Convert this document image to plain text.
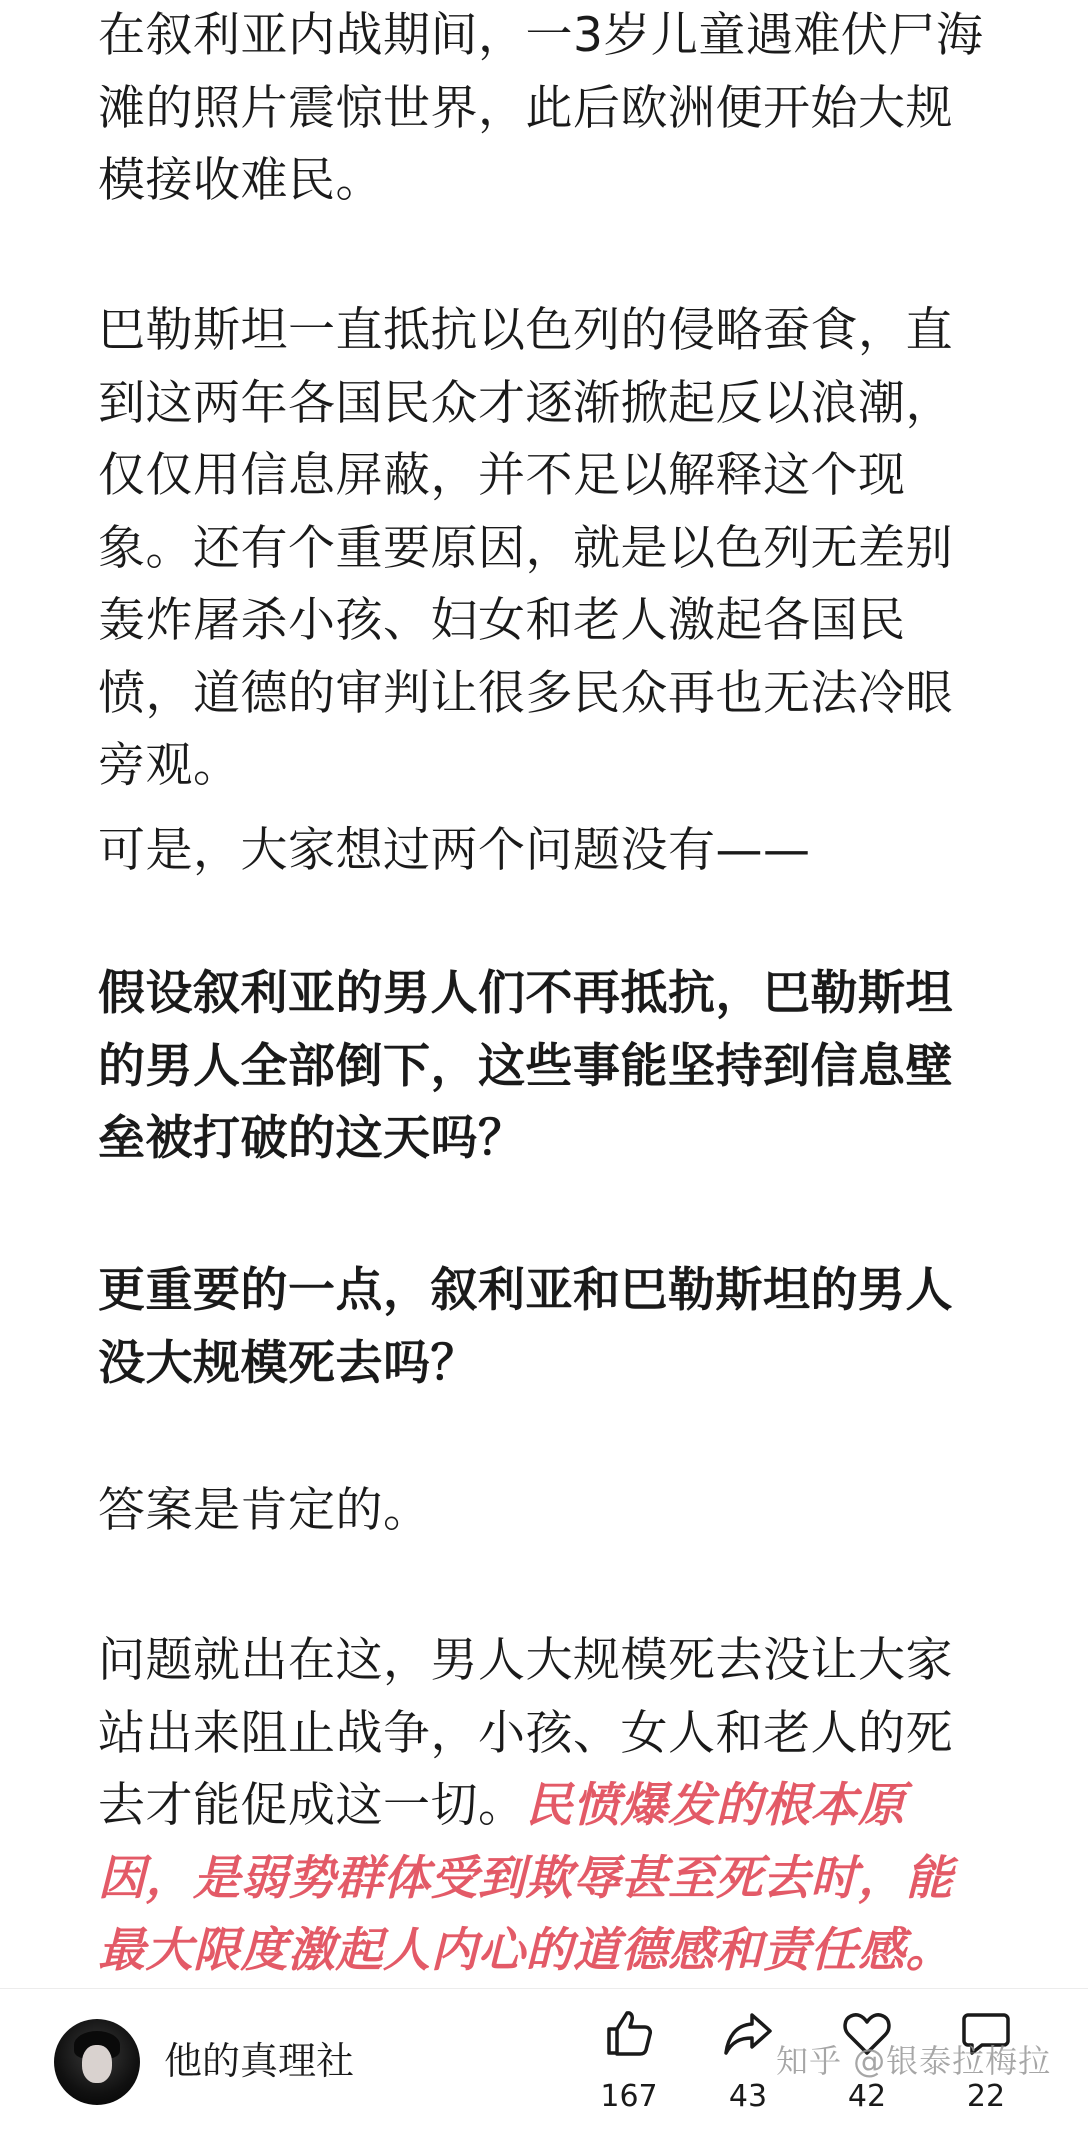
在叙利亚内战期间，一3岁儿童遇难伏尸海滩的照片震惊世界，此后欧洲便开始大规模接收难民。

巴勒斯坦一直抵抗以色列的侵略蚕食，直到这两年各国民众才逐渐掀起反以浪潮，仅仅用信息屏蔽，并不足以解释这个现象。还有个重要原因，就是以色列无差别轰炸屠杀小孩、妇女和老人激起各国民愤，道德的审判让很多民众再也无法冷眼旁观。

可是，大家想过两个问题没有——

假设叙利亚的男人们不再抵抗，巴勒斯坦的男人全部倒下，这些事能坚持到信息壁垒被打破的这天吗？

更重要的一点，叙利亚和巴勒斯坦的男人没大规模死去吗？

答案是肯定的。

问题就出在这，男人大规模死去没让大家站出来阻止战争，小孩、女人和老人的死去才能促成这一切。民愤爆发的根本原因，是弱势群体受到欺辱甚至死去时，能最大限度激起人内心的道德感和责任感。

他的真理社
167	43	42	22
知乎 @银泰拉梅拉
